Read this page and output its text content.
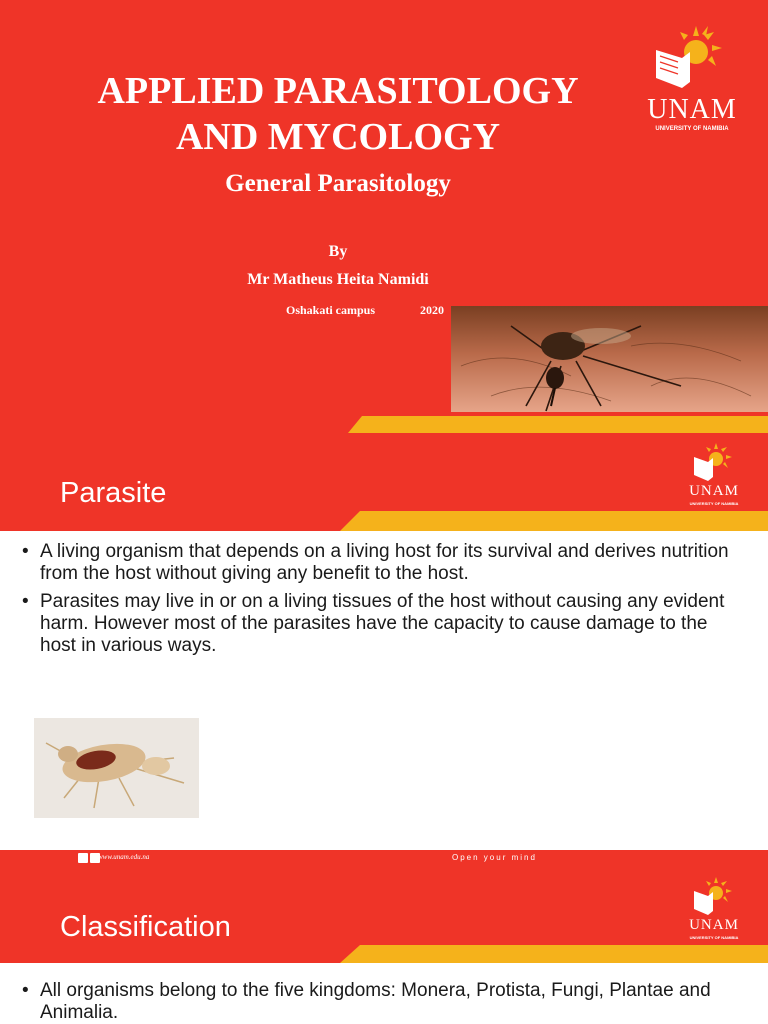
APPLIED PARASITOLOGY
AND MYCOLOGY
General Parasitology
By
Mr Matheus Heita Namidi
Oshakati campus	2020
UNAM
UNIVERSITY OF NAMIBIA
Parasite	UNAM
UNIVERSITY OF NAMIBIA
• A living organism that depends on a living host for its survival and derives nutrition from the host without giving any benefit to the host.
• Parasites may live in or on a living tissues of the host without causing any evident harm. However most of the parasites have the capacity to cause damage to the host in various ways.
www.unam.edu.na	Open your mind
Classification	UNAM
UNIVERSITY OF NAMIBIA
• All organisms belong to the five kingdoms: Monera, Protista, Fungi, Plantae and Animalia.
